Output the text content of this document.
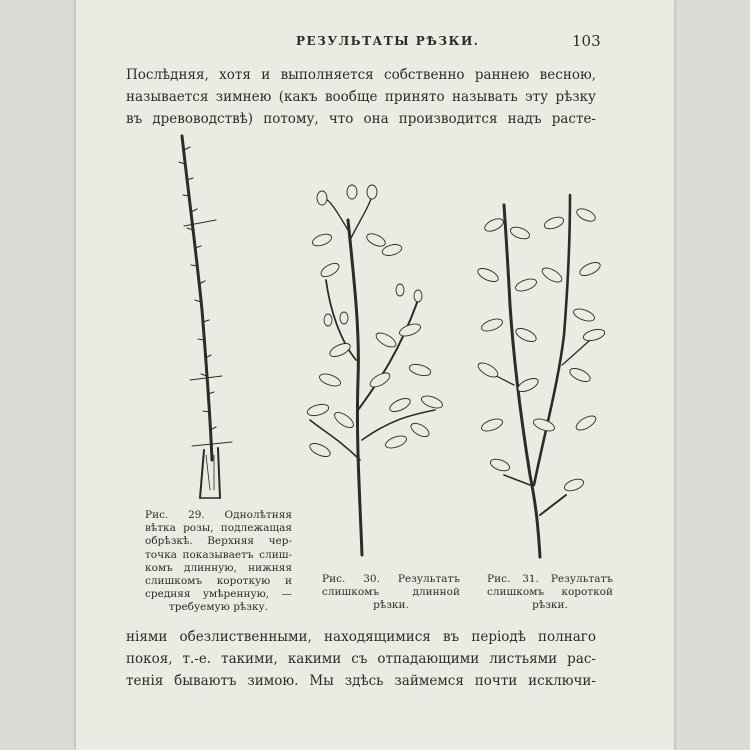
РЕЗУЛЬТАТЫ РѢЗКИ.	103
Послѣдняя, хотя и выполняется собственно раннею весною,
называется зимнею (какъ вообще принято называть эту рѣзку
въ древоводствѣ) потому, что она производится надъ расте-
Рис. 29. Однолѣтняя
вѣтка розы, подлежащая
обрѣзкѣ. Верхняя чер-
точка показываетъ слиш-
комъ длинную, нижняя
слишкомъ короткую и
средняя умѣренную, —
требуемую рѣзку.
Рис. 30. Результатъ
слишкомъ длинной
рѣзки.
Рис. 31. Результатъ
слишкомъ короткой
рѣзки.
ніями обезлиственными, находящимися въ періодѣ полнаго
покоя, т.-е. такими, какими съ отпадающими листьями рас-
тенія бываютъ зимою. Мы здѣсь займемся почти исключи-
